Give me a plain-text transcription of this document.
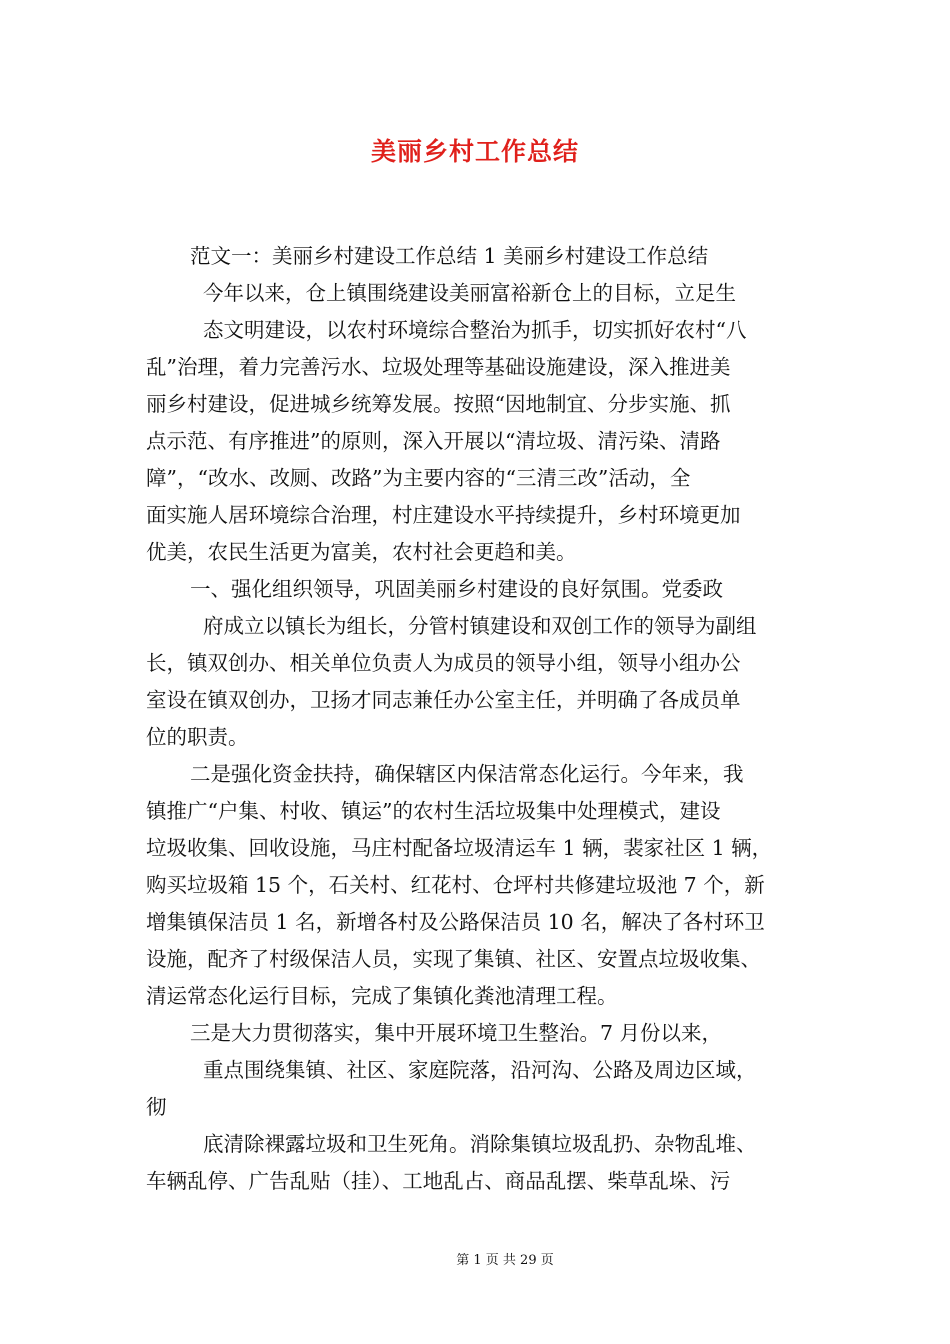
美丽乡村工作总结
范文一：美丽乡村建设工作总结 1 美丽乡村建设工作总结
今年以来，仓上镇围绕建设美丽富裕新仓上的目标，立足生
态文明建设，以农村环境综合整治为抓手，切实抓好农村“八
乱”治理，着力完善污水、垃圾处理等基础设施建设，深入推进美
丽乡村建设，促进城乡统筹发展。按照“因地制宜、分步实施、抓
点示范、有序推进”的原则，深入开展以“清垃圾、清污染、清路
障”，“改水、改厕、改路”为主要内容的“三清三改”活动，全
面实施人居环境综合治理，村庄建设水平持续提升，乡村环境更加
优美，农民生活更为富美，农村社会更趋和美。
一、强化组织领导，巩固美丽乡村建设的良好氛围。党委政
府成立以镇长为组长，分管村镇建设和双创工作的领导为副组
长，镇双创办、相关单位负责人为成员的领导小组，领导小组办公
室设在镇双创办，卫扬才同志兼任办公室主任，并明确了各成员单
位的职责。
二是强化资金扶持，确保辖区内保洁常态化运行。今年来，我
镇推广“户集、村收、镇运”的农村生活垃圾集中处理模式，建设
垃圾收集、回收设施，马庄村配备垃圾清运车 1 辆，裴家社区 1 辆，
购买垃圾箱 15 个，石关村、红花村、仓坪村共修建垃圾池 7 个，新
增集镇保洁员 1 名，新增各村及公路保洁员 10 名，解决了各村环卫
设施，配齐了村级保洁人员，实现了集镇、社区、安置点垃圾收集、
清运常态化运行目标，完成了集镇化粪池清理工程。
三是大力贯彻落实，集中开展环境卫生整治。7 月份以来，
重点围绕集镇、社区、家庭院落，沿河沟、公路及周边区域，
彻
底清除裸露垃圾和卫生死角。消除集镇垃圾乱扔、杂物乱堆、
车辆乱停、广告乱贴（挂）、工地乱占、商品乱摆、柴草乱垛、污
第 1 页 共 29 页
